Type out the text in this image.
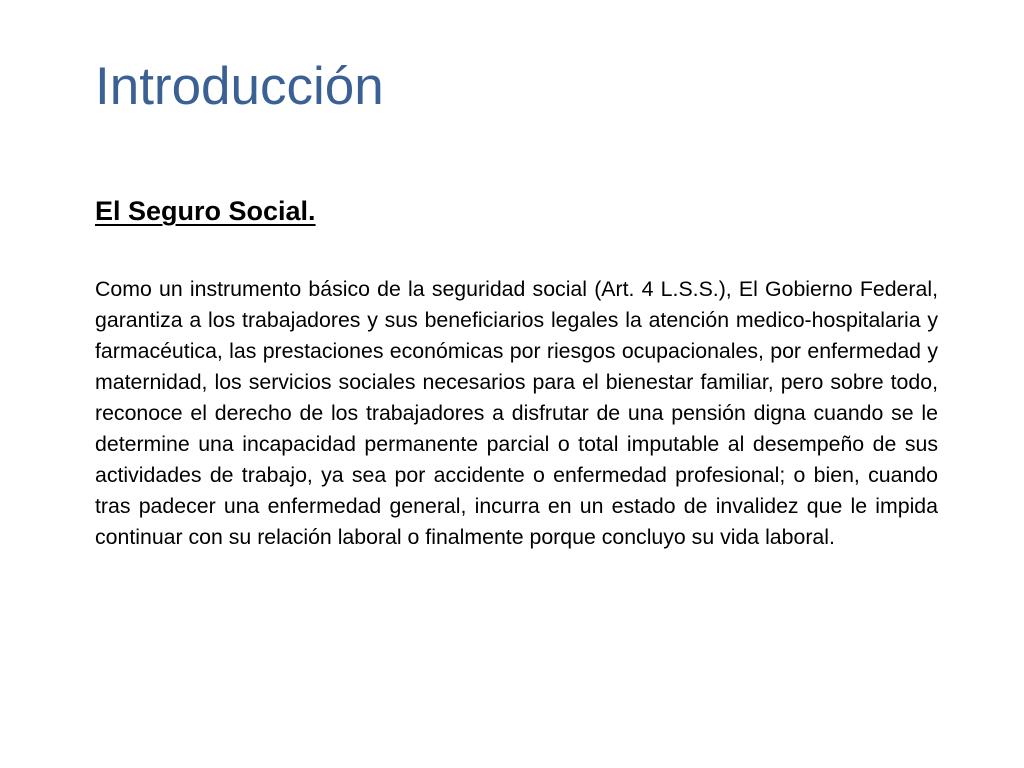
Introducción
El Seguro Social.

Como un instrumento básico de la seguridad social (Art. 4 L.S.S.), El Gobierno Federal, garantiza a los trabajadores y sus beneficiarios legales la atención medico-hospitalaria y farmacéutica, las prestaciones económicas por riesgos ocupacionales, por enfermedad y maternidad, los servicios sociales necesarios para el bienestar familiar, pero sobre todo, reconoce el derecho de los trabajadores a disfrutar de una pensión digna cuando se le determine una incapacidad permanente parcial o total imputable al desempeño de sus actividades de trabajo, ya sea por accidente o enfermedad profesional; o bien, cuando tras padecer una enfermedad general, incurra en un estado de invalidez que le impida continuar con su relación laboral o finalmente porque concluyo su vida laboral.
